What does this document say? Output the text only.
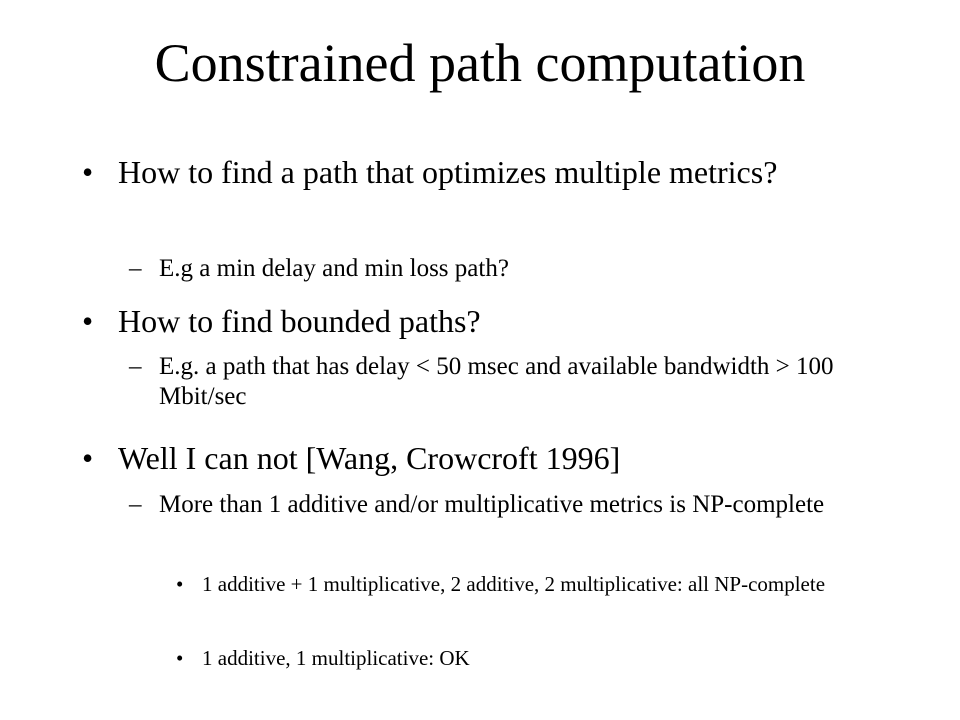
Constrained path computation
• How to find a path that optimizes multiple metrics?
– E.g a min delay and min loss path?
• How to find bounded paths?
– E.g. a path that has delay < 50 msec and available bandwidth > 100 Mbit/sec
• Well I can not [Wang, Crowcroft 1996]
– More than 1 additive and/or multiplicative metrics is NP-complete
• 1 additive + 1 multiplicative, 2 additive, 2 multiplicative: all NP-complete
• 1 additive, 1 multiplicative: OK
